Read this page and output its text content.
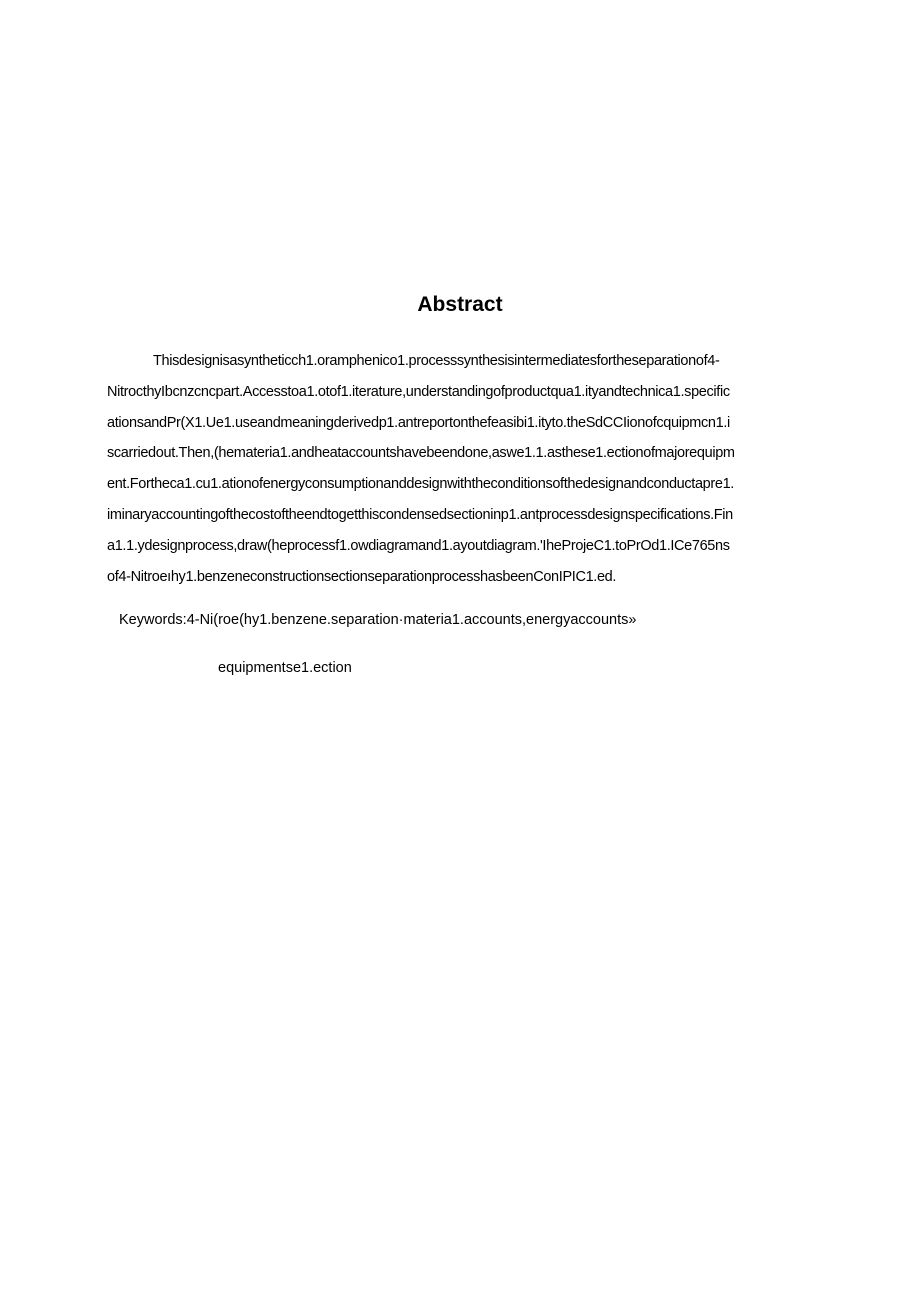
Abstract
Thisdesignisasyntheticch1.oramphenico1.processsynthesisintermediatesfortheseparationof4-
NitrocthyIbcnzcncpart.Accesstoa1.otof1.iterature,understandingofproductqua1.ityandtechnica1.specific
ationsandPr(X1.Ue1.useandmeaningderivedp1.antreportonthefeasibi1.ityto.theSdCCIionofcquipmcn1.i
scarriedout.Then,(hemateria1.andheataccountshavebeendone,aswe1.1.asthese1.ectionofmajorequipm
ent.Fortheca1.cu1.ationofenergyconsumptionanddesignwiththeconditionsofthedesignandconductapre1.
iminaryaccountingofthecostoftheendtogetthiscondensedsectioninp1.antprocessdesignspecifications.Fin
a1.1.ydesignprocess,draw(heprocessf1.owdiagramand1.ayoutdiagram.'IheProjeC1.toPrOd1.ICe765ns
of4-Nitroeıhy1.benzeneconstructionsectionseparationprocesshasbeenConIPIC1.ed.
Keywords:4-Ni(roe(hy1.benzene.separation·materia1.accounts,energyaccounts»
equipmentse1.ection
